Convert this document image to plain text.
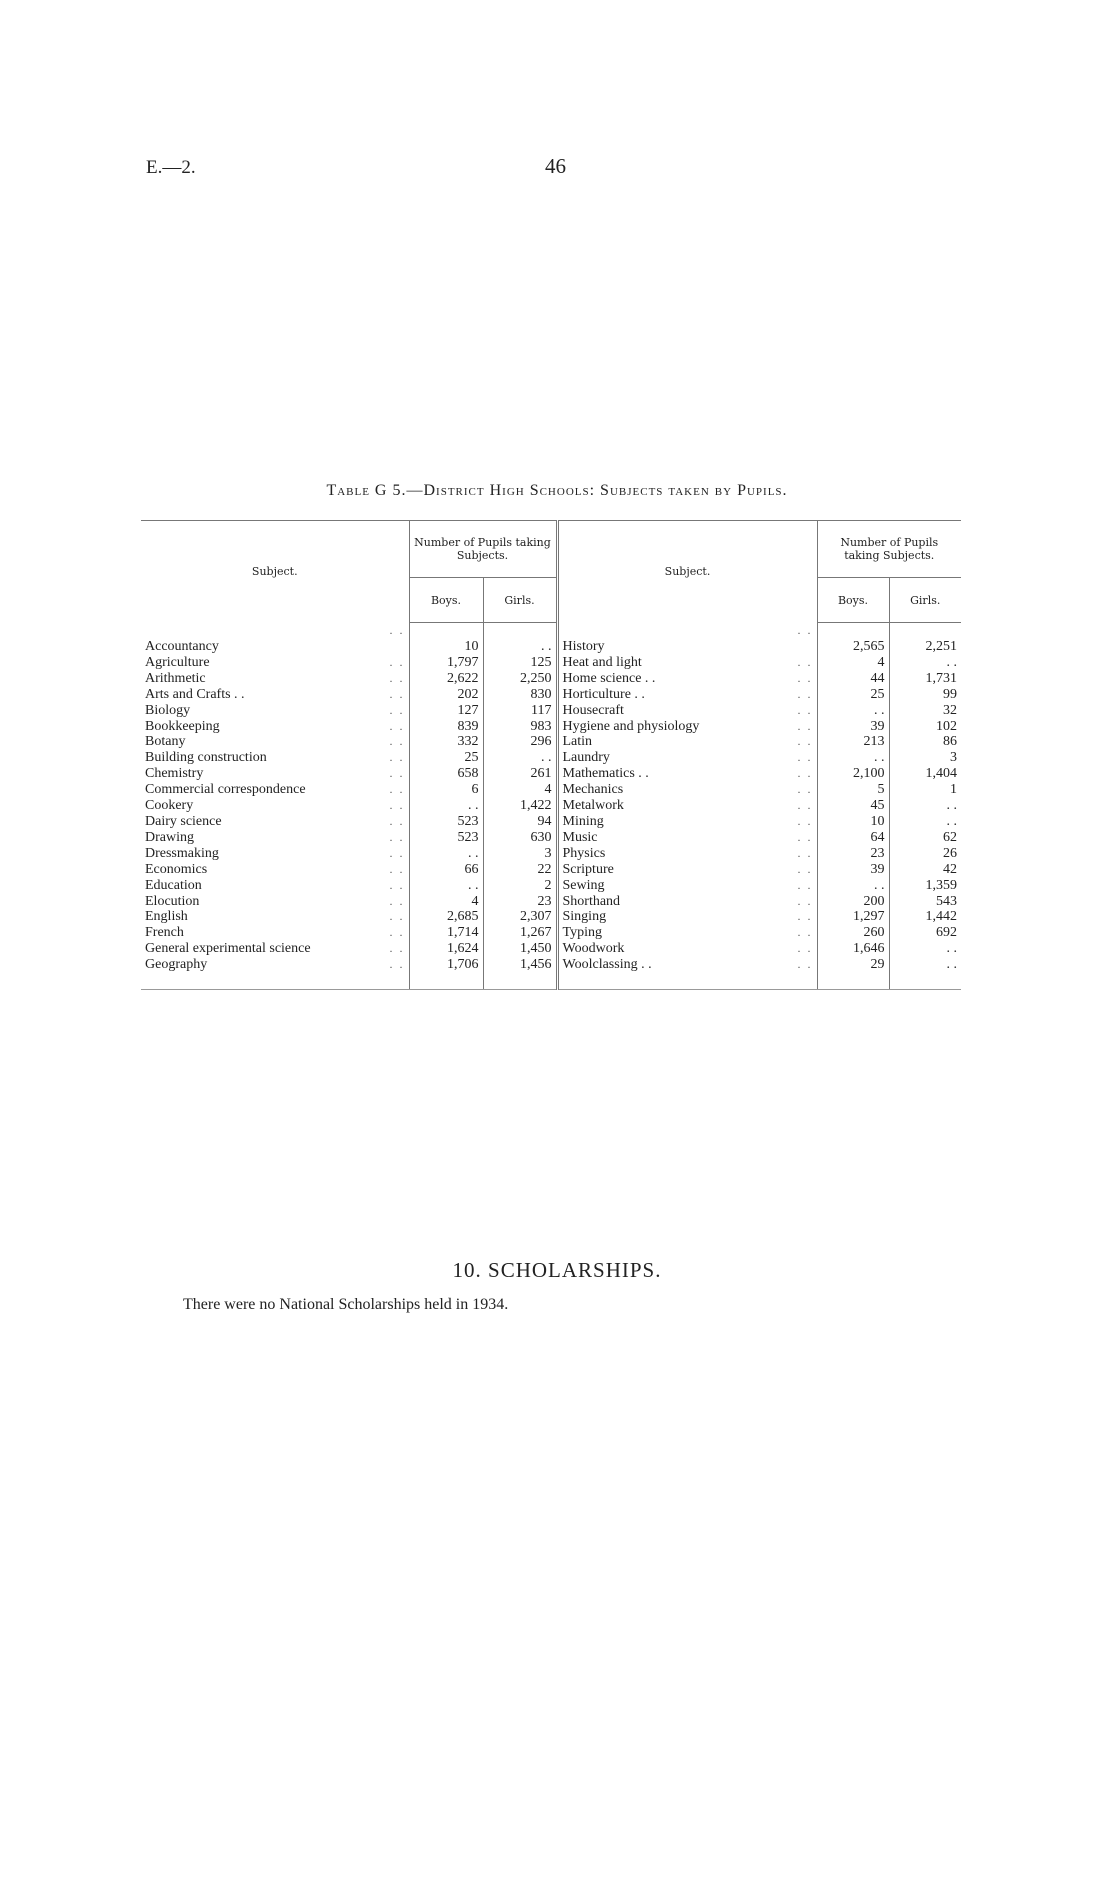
E.—2.	46
Table G 5.—District High Schools: Subjects taken by Pupils.
Subject.	Number of Pupils taking Subjects.		Subject.	Number of Pupils taking Subjects.	
	Boys.	Girls.		Boys.	Girls.

. .
Accountancy	10	. .	. .
History	2,565	2,251

. .
Agriculture	1,797	125	. .
Heat and light	4	. .

. .
Arithmetic	2,622	2,250	. .
Home science . .	44	1,731

. .
Arts and Crafts . .	202	830	. .
Horticulture . .	25	99

. .
Biology	127	117	. .
Housecraft	. .	32

. .
Bookkeeping	839	983	. .
Hygiene and physiology	39	102

. .
Botany	332	296	. .
Latin	213	86

. .
Building construction	25	. .	. .
Laundry	. .	3

. .
Chemistry	658	261	. .
Mathematics . .	2,100	1,404

. .
Commercial correspondence	6	4	. .
Mechanics	5	1

. .
Cookery	. .	1,422	. .
Metalwork	45	. .

. .
Dairy science	523	94	. .
Mining	10	. .

. .
Drawing	523	630	. .
Music	64	62

. .
Dressmaking	. .	3	. .
Physics	23	26

. .
Economics	66	22	. .
Scripture	39	42

. .
Education	. .	2	. .
Sewing	. .	1,359

. .
Elocution	4	23	. .
Shorthand	200	543

. .
English	2,685	2,307	. .
Singing	1,297	1,442

. .
French	1,714	1,267	. .
Typing	260	692

. .
General experimental science	1,624	1,450	. .
Woodwork	1,646	. .

. .
Geography	1,706	1,456	. .
Woolclassing . .	29	. .
10. SCHOLARSHIPS.
There were no National Scholarships held in 1934.
